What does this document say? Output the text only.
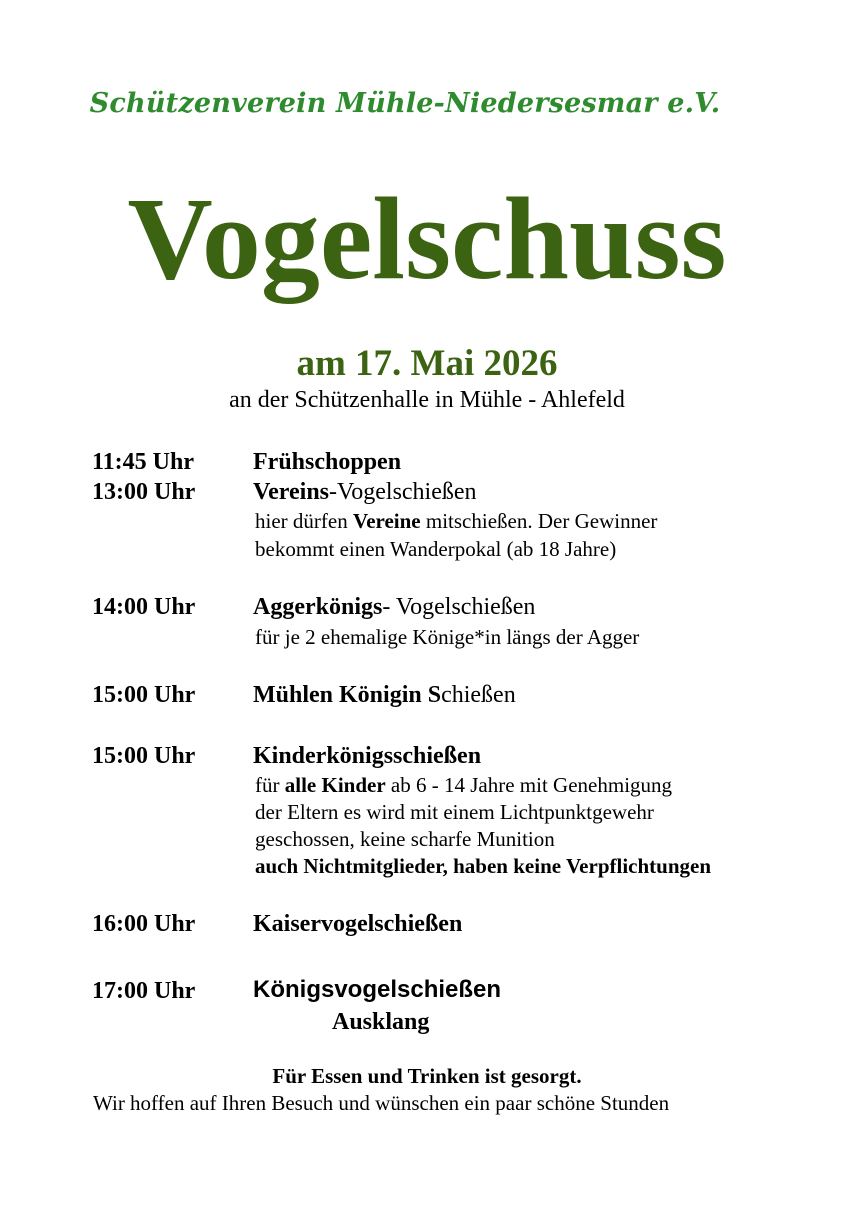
Schützenverein Mühle-Niedersesmar e.V.
Vogelschuss
am 17. Mai 2026
an der Schützenhalle in Mühle - Ahlefeld
11:45 Uhr Frühschoppen
13:00 Uhr Vereins-Vogelschießen
hier dürfen Vereine mitschießen. Der Gewinner
bekommt einen Wanderpokal (ab 18 Jahre)
14:00 Uhr Aggerkönigs- Vogelschießen
für je 2 ehemalige Könige*in längs der Agger
15:00 Uhr Mühlen Königin Schießen
15:00 Uhr Kinderkönigsschießen
für alle Kinder ab 6 - 14 Jahre mit Genehmigung
der Eltern es wird mit einem Lichtpunktgewehr
geschossen, keine scharfe Munition
auch Nichtmitglieder, haben keine Verpflichtungen
16:00 Uhr Kaiservogelschießen
17:00 Uhr Königsvogelschießen
Ausklang
Für Essen und Trinken ist gesorgt.
Wir hoffen auf Ihren Besuch und wünschen ein paar schöne Stunden
